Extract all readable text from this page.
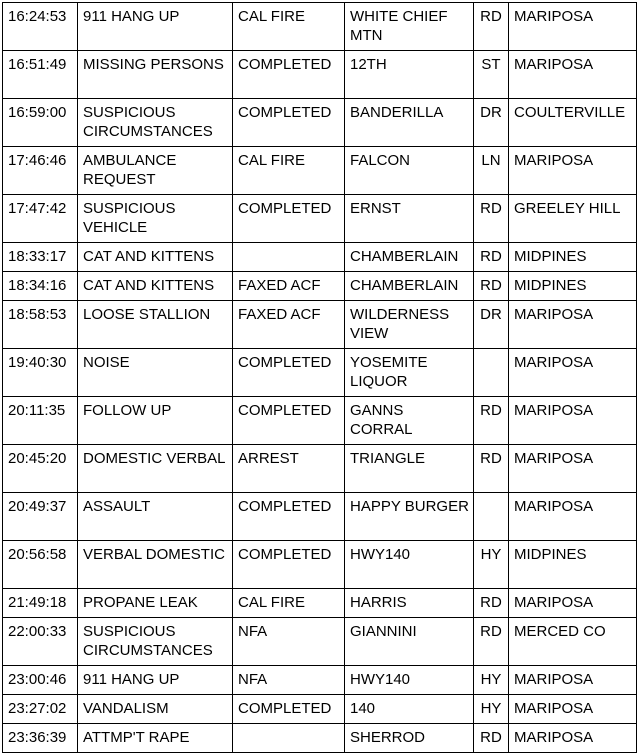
16:24:53	911 HANG UP	CAL FIRE	WHITE CHIEF MTN	RD	MARIPOSA
16:51:49	MISSING PERSONS	COMPLETED	12TH	ST	MARIPOSA
16:59:00	SUSPICIOUS CIRCUMSTANCES	COMPLETED	BANDERILLA	DR	COULTERVILLE
17:46:46	AMBULANCE REQUEST	CAL FIRE	FALCON	LN	MARIPOSA
17:47:42	SUSPICIOUS VEHICLE	COMPLETED	ERNST	RD	GREELEY HILL
18:33:17	CAT AND KITTENS		CHAMBERLAIN	RD	MIDPINES
18:34:16	CAT AND KITTENS	FAXED ACF	CHAMBERLAIN	RD	MIDPINES
18:58:53	LOOSE STALLION	FAXED ACF	WILDERNESS VIEW	DR	MARIPOSA
19:40:30	NOISE	COMPLETED	YOSEMITE LIQUOR		MARIPOSA
20:11:35	FOLLOW UP	COMPLETED	GANNS CORRAL	RD	MARIPOSA
20:45:20	DOMESTIC VERBAL	ARREST	TRIANGLE	RD	MARIPOSA
20:49:37	ASSAULT	COMPLETED	HAPPY BURGER		MARIPOSA
20:56:58	VERBAL DOMESTIC	COMPLETED	HWY140	HY	MIDPINES
21:49:18	PROPANE LEAK	CAL FIRE	HARRIS	RD	MARIPOSA
22:00:33	SUSPICIOUS CIRCUMSTANCES	NFA	GIANNINI	RD	MERCED CO
23:00:46	911 HANG UP	NFA	HWY140	HY	MARIPOSA
23:27:02	VANDALISM	COMPLETED	140	HY	MARIPOSA
23:36:39	ATTMP'T RAPE		SHERROD	RD	MARIPOSA
